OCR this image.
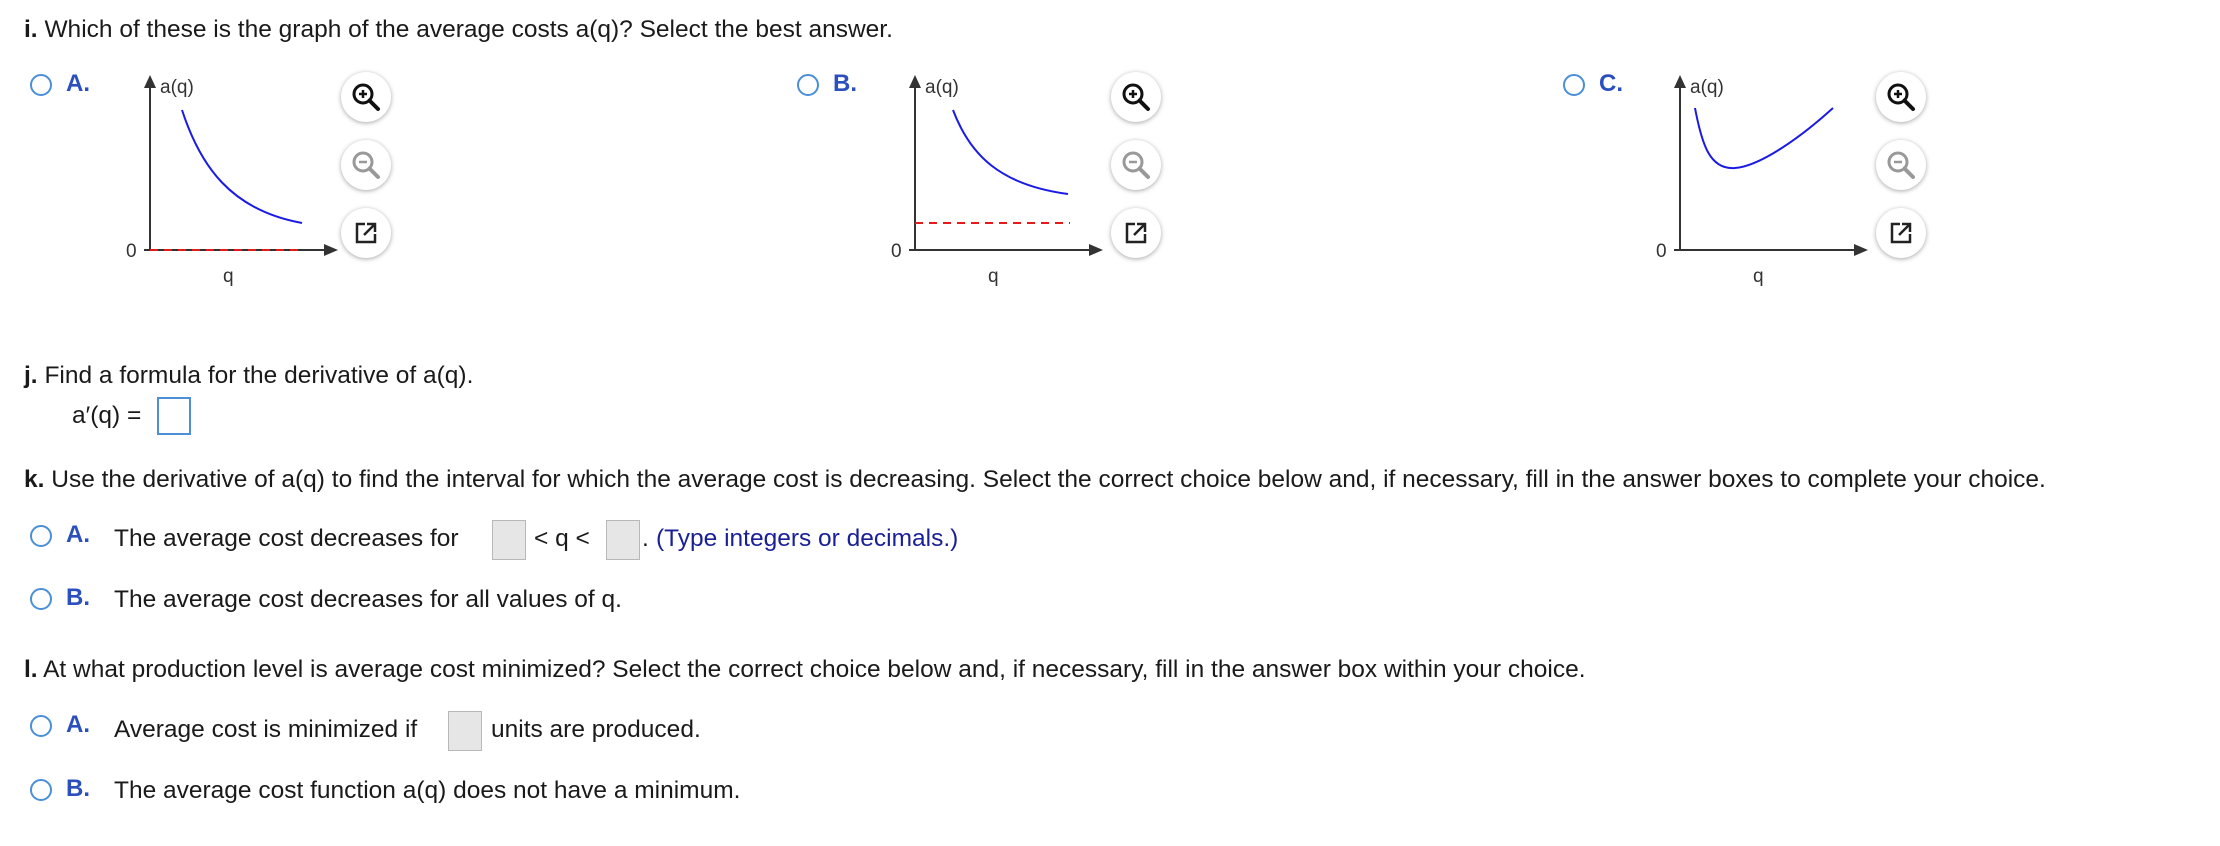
i. Which of these is the graph of the average costs a(q)? Select the best answer.
A.	a(q)
q
0
B.	a(q)
q
0
C.	a(q)
q
0
j. Find a formula for the derivative of a(q).
a′(q) =
k. Use the derivative of a(q) to find the interval for which the average cost is decreasing. Select the correct choice below and, if necessary, fill in the answer boxes to complete your choice.
A. The average cost decreases for	< q < . (Type integers or decimals.)
B. The average cost decreases for all values of q.
l. At what production level is average cost minimized? Select the correct choice below and, if necessary, fill in the answer box within your choice.
A. Average cost is minimized if	units are produced.
B. The average cost function a(q) does not have a minimum.
